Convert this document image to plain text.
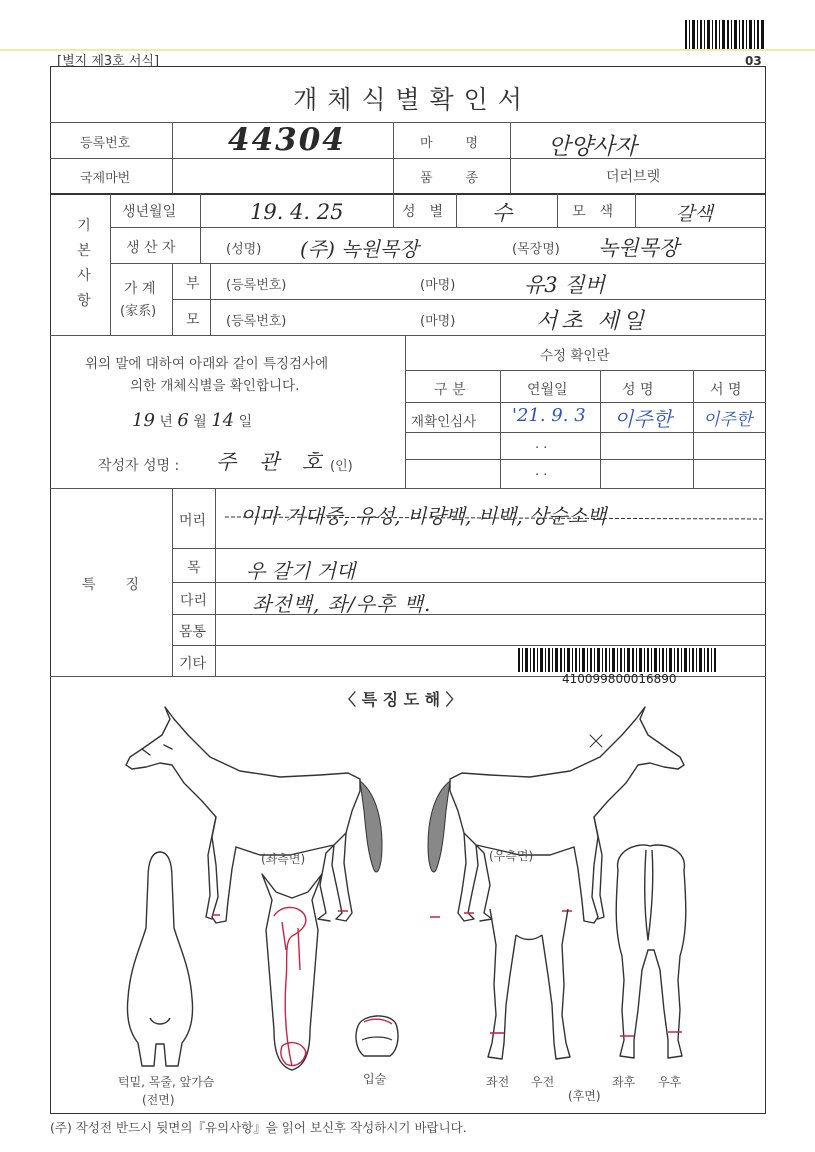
[별지 제3호 서식]	03
개 체 식 별 확 인 서
등록번호	44304	마　명	안양사자
국제마번	품　종	더러브렛
기
본
사
항
생년월일	19. 4. 25	성　별 수	모　색	갈색
생 산 자	(성명) (주) 녹원목장	(목장명) 녹원목장
가 계
(家系)
부 (등록번호)	(마명)	유3 질버
모 (등록번호)	(마명)	서초 세일
위의 말에 대하여 아래와 같이 특징검사에
의한 개체식별을 확인합니다.
19 년 6 월 14 일
작성자 성명 : 주 관 호 (인)
수정 확인란
구 분	연월일	성 명	서 명
재확인심사 '21. 9. 3 이주한 이주한
. .
. .
특　징
머리 이마 거대중, 유성, 비량백, 비백, 상순소백
목 우 갈기 거대
다리 좌전백, 좌/우후 백.
몸통
기타
410099800016890
〈 특 징 도 해 〉
(좌측면)	(우측면)
턱밑, 목줄, 앞가슴
(전면)
입술	좌전 우전	좌후 우후
(후면)
(주) 작성전 반드시 뒷면의『유의사항』을 읽어 보신후 작성하시기 바랍니다.
